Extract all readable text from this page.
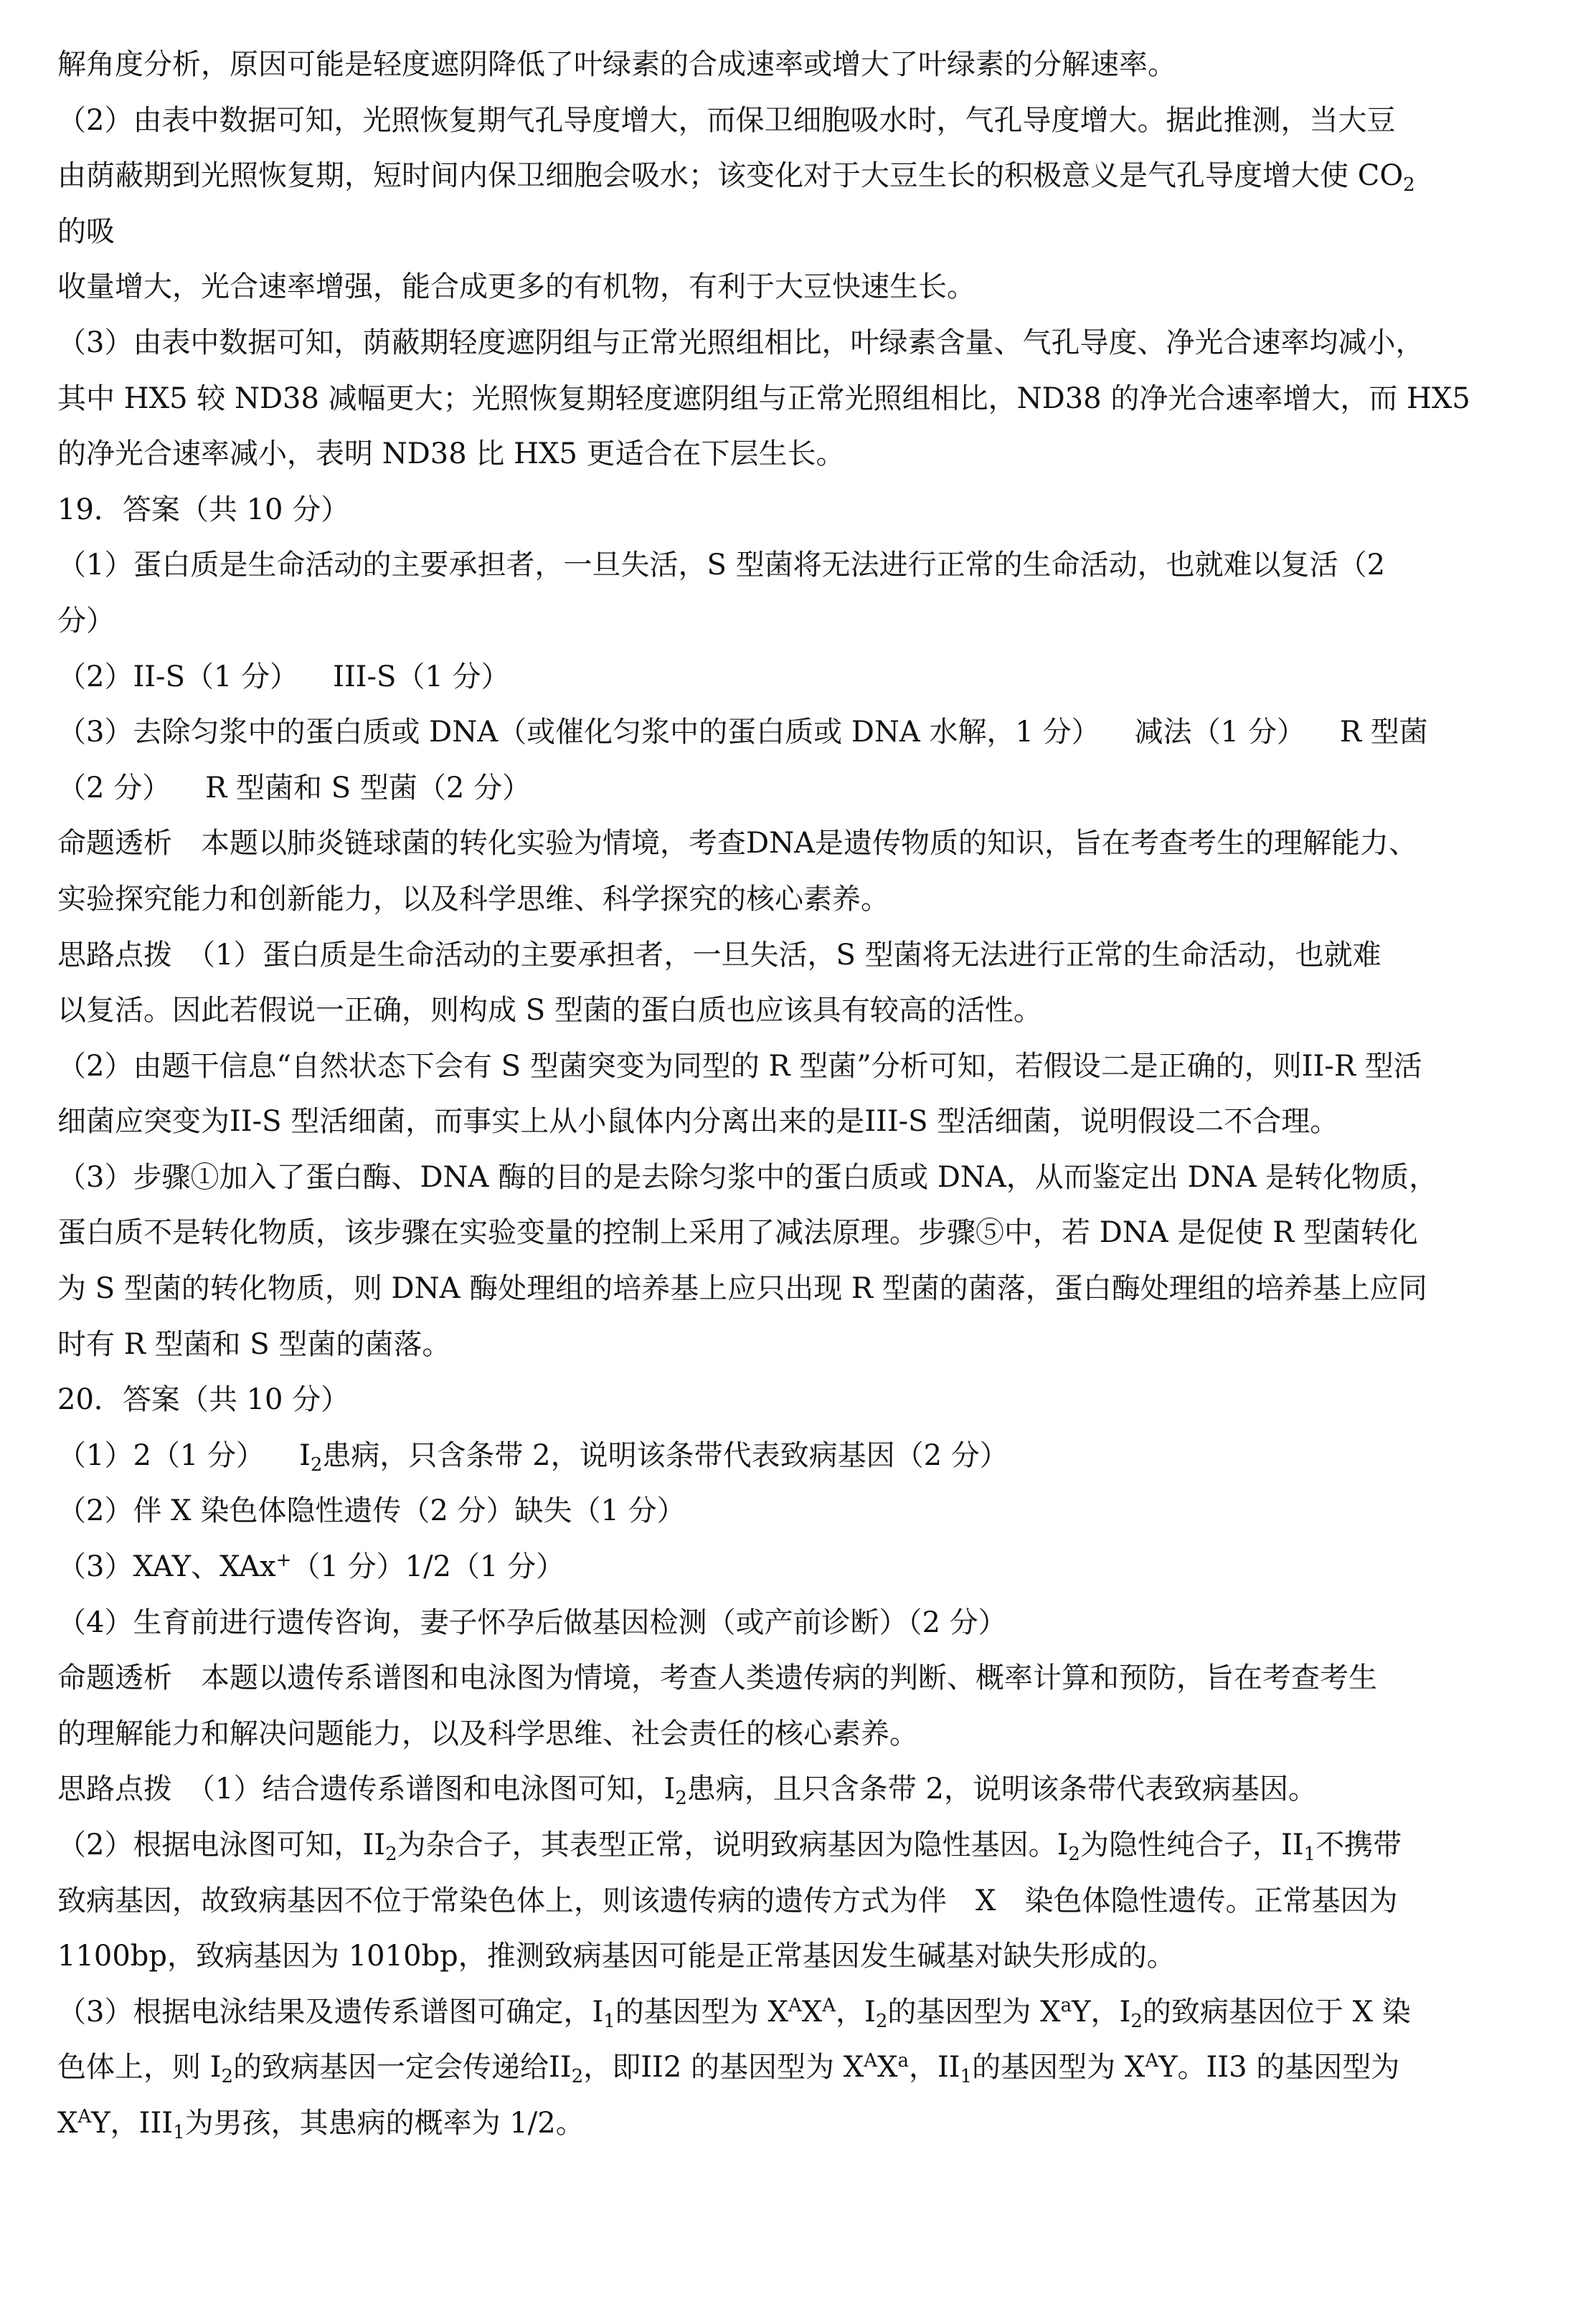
解角度分析，原因可能是轻度遮阴降低了叶绿素的合成速率或增大了叶绿素的分解速率。
（2）由表中数据可知，光照恢复期气孔导度增大，而保卫细胞吸水时，气孔导度增大。据此推测，当大豆
由荫蔽期到光照恢复期，短时间内保卫细胞会吸水；该变化对于大豆生长的积极意义是气孔导度增大使 $CO_2$
的吸
收量增大，光合速率增强，能合成更多的有机物，有利于大豆快速生长。
（3）由表中数据可知，荫蔽期轻度遮阴组与正常光照组相比，叶绿素含量、气孔导度、净光合速率均减小，
其中 HX5 较 ND38 减幅更大；光照恢复期轻度遮阴组与正常光照组相比，ND38 的净光合速率增大，而 HX5
的净光合速率减小，表明 ND38 比 HX5 更适合在下层生长。
19．答案（共 10 分）
（1）蛋白质是生命活动的主要承担者，一旦失活，S 型菌将无法进行正常的生命活动，也就难以复活（2
分）
（2）II-S（1 分） III-S（1 分）
（3）去除匀浆中的蛋白质或 DNA（或催化匀浆中的蛋白质或 DNA 水解，1 分） 减法（1 分） R 型菌
（2 分） R 型菌和 S 型菌（2 分）
命题透析　本题以肺炎链球菌的转化实验为情境，考查DNA是遗传物质的知识，旨在考查考生的理解能力、
实验探究能力和创新能力，以及科学思维、科学探究的核心素养。
思路点拨　（1）蛋白质是生命活动的主要承担者，一旦失活，S 型菌将无法进行正常的生命活动，也就难
以复活。因此若假说一正确，则构成 S 型菌的蛋白质也应该具有较高的活性。
（2）由题干信息“自然状态下会有 S 型菌突变为同型的 R 型菌”分析可知，若假设二是正确的，则II-R 型活
细菌应突变为II-S 型活细菌，而事实上从小鼠体内分离出来的是III-S 型活细菌，说明假设二不合理。
（3）步骤①加入了蛋白酶、DNA 酶的目的是去除匀浆中的蛋白质或 DNA，从而鉴定出 DNA 是转化物质，
蛋白质不是转化物质，该步骤在实验变量的控制上采用了减法原理。步骤⑤中，若 DNA 是促使 R 型菌转化
为 S 型菌的转化物质，则 DNA 酶处理组的培养基上应只出现 R 型菌的菌落，蛋白酶处理组的培养基上应同
时有 R 型菌和 S 型菌的菌落。
20．答案（共 10 分）
（1）2（1 分） $I_2$患病，只含条带 2，说明该条带代表致病基因（2 分）
（2）伴 X 染色体隐性遗传（2 分）缺失（1 分）
（3）XAY、XAx+（1 分）1/2（1 分）
（4）生育前进行遗传咨询，妻子怀孕后做基因检测（或产前诊断）（2 分）
命题透析　本题以遗传系谱图和电泳图为情境，考查人类遗传病的判断、概率计算和预防，旨在考查考生
的理解能力和解决问题能力，以及科学思维、社会责任的核心素养。
思路点拨　（1）结合遗传系谱图和电泳图可知，$I_2$患病，且只含条带 2，说明该条带代表致病基因。
（2）根据电泳图可知，$II_2$为杂合子，其表型正常，说明致病基因为隐性基因。$I_2$为隐性纯合子，$II_1$不携带
致病基因，故致病基因不位于常染色体上，则该遗传病的遗传方式为伴　X　染色体隐性遗传。正常基因为
1100bp，致病基因为 1010bp，推测致病基因可能是正常基因发生碱基对缺失形成的。
（3）根据电泳结果及遗传系谱图可确定，$I_1$的基因型为 $X^AX^A$，$I_2$的基因型为 $X^aY$，$I_2$的致病基因位于 X 染
色体上，则 $I_2$的致病基因一定会传递给$II_2$，即II2 的基因型为 $X^AX^a$，$II_1$的基因型为 $X^AY$。II3 的基因型为
$X^AY$，$III_1$为男孩，其患病的概率为 1/2。
